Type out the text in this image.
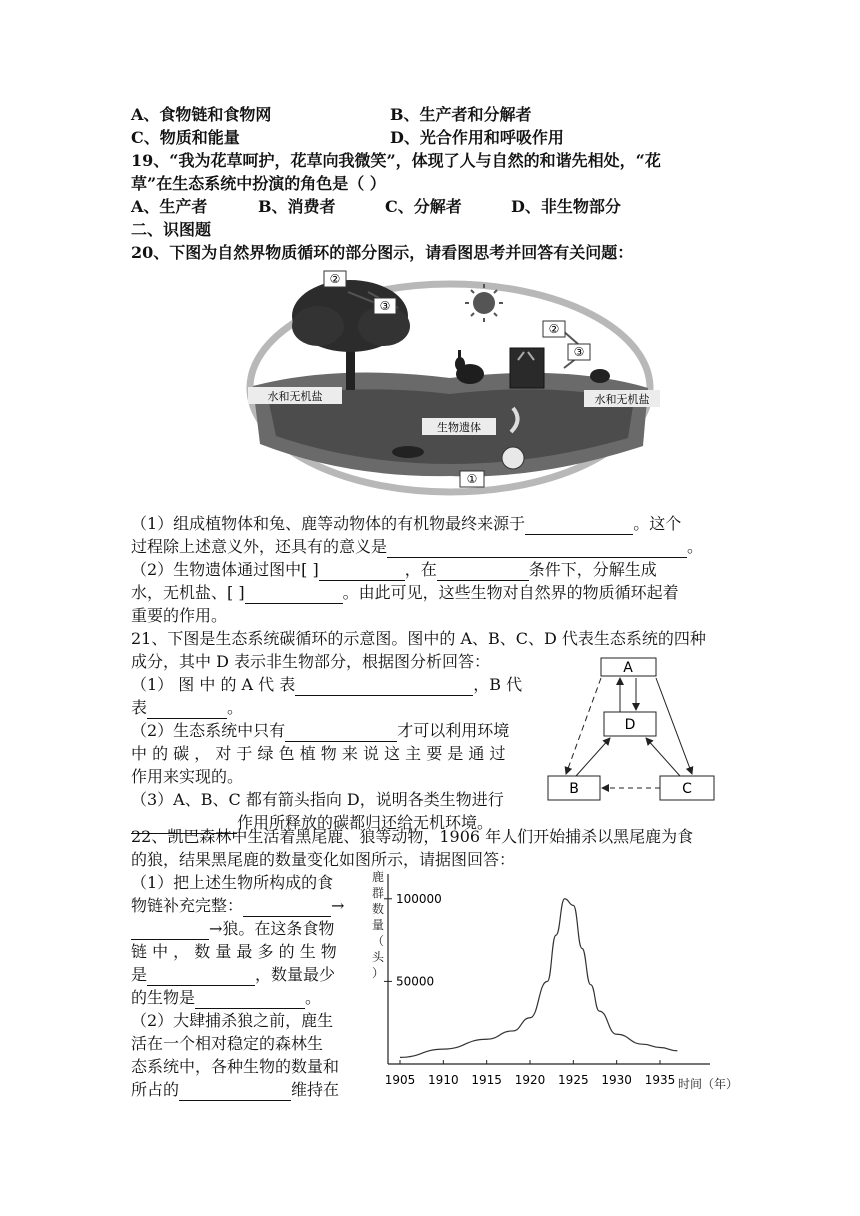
A、食物链和食物网	B、生产者和分解者
C、物质和能量	D、光合作用和呼吸作用
19、“我为花草呵护，花草向我微笑”，体现了人与自然的和谐先相处，“花
草”在生态系统中扮演的角色是（ ）
A、生产者	B、消费者	C、分解者	D、非生物部分
二、识图题
20、下图为自然界物质循环的部分图示，请看图思考并回答有关问题：
②
③
②
③
①
水和无机盐	水和无机盐
生物遗体
（1）组成植物体和兔、鹿等动物体的有机物最终来源于	。这个
过程除上述意义外，还具有的意义是	。
（2）生物遗体通过图中[ ]	，在	条件下，分解生成
水，无机盐、[ ]	。由此可见，这些生物对自然界的物质循环起着
重要的作用。
21、下图是生态系统碳循环的示意图。图中的 A、B、C、D 代表生态系统的四种
成分，其中 D 表示非生物部分，根据图分析回答：
（1） 图 中 的 A 代 表	，B 代
表	。
（2）生态系统中只有	才可以利用环境
中 的 碳 ， 对 于 绿 色 植 物 来 说 这 主 要 是 通 过
作用来实现的。
（3）A、B、C 都有箭头指向 D，说明各类生物进行
作用所释放的碳都归还给无机环境。
A
D
B	C
22、凯巴森林中生活着黑尾鹿、狼等动物，1906 年人们开始捕杀以黑尾鹿为食
的狼，结果黑尾鹿的数量变化如图所示，请据图回答：
（1）把上述生物所构成的食
物链补充完整：	→
→狼。在这条食物
链 中 ， 数 量 最 多 的 生 物
是	，数量最少
的生物是	。
（2）大肆捕杀狼之前，鹿生
活在一个相对稳定的森林生
态系统中，各种生物的数量和
所占的	维持在
鹿群数量（头）
100000
50000
1905 1910 1915 1920 1925 1930 1935 时间（年）
